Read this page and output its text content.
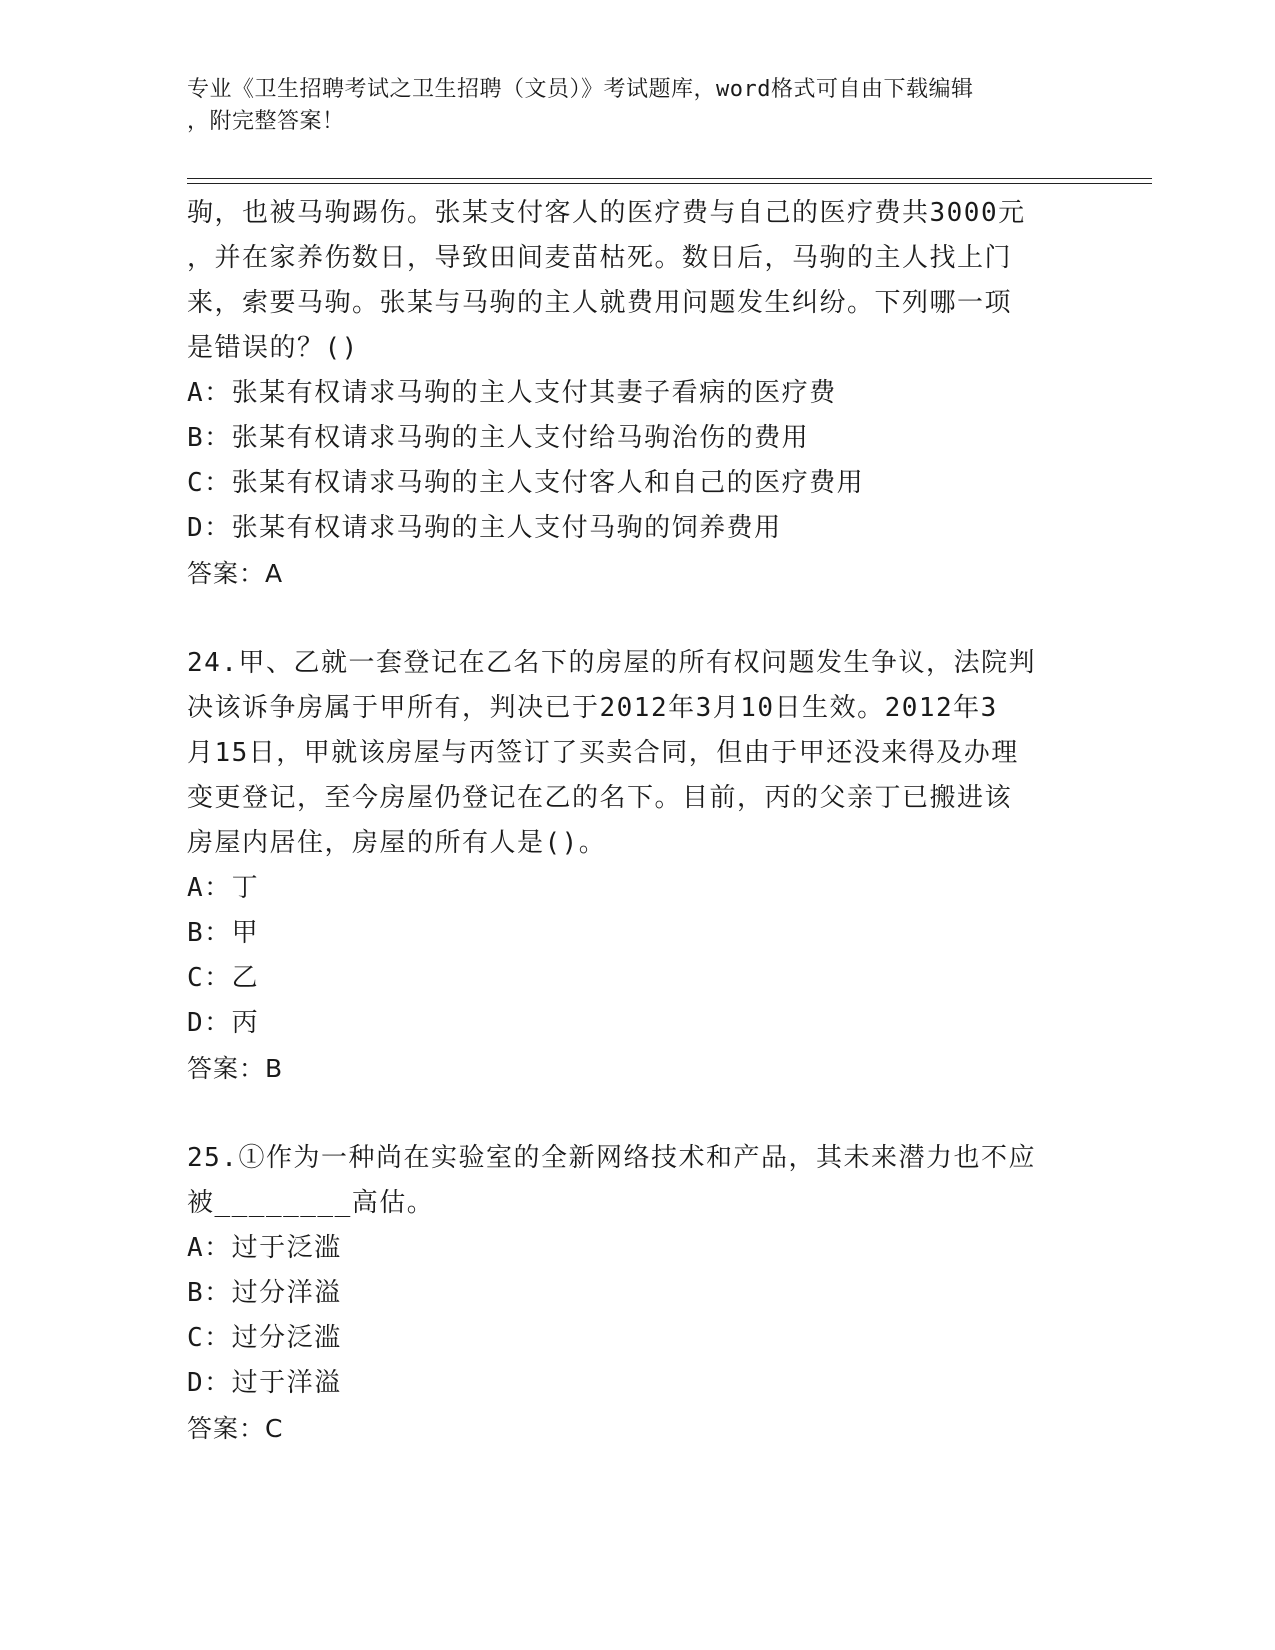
专业《卫生招聘考试之卫生招聘（文员）》考试题库，word格式可自由下载编辑

，附完整答案！

驹，也被马驹踢伤。张某支付客人的医疗费与自己的医疗费共3000元

，并在家养伤数日，导致田间麦苗枯死。数日后，马驹的主人找上门

来，索要马驹。张某与马驹的主人就费用问题发生纠纷。下列哪一项

是错误的？()

A：张某有权请求马驹的主人支付其妻子看病的医疗费

B：张某有权请求马驹的主人支付给马驹治伤的费用

C：张某有权请求马驹的主人支付客人和自己的医疗费用

D：张某有权请求马驹的主人支付马驹的饲养费用

答案：A

24.甲、乙就一套登记在乙名下的房屋的所有权问题发生争议，法院判

决该诉争房属于甲所有，判决已于2012年3月10日生效。2012年3

月15日，甲就该房屋与丙签订了买卖合同，但由于甲还没来得及办理

变更登记，至今房屋仍登记在乙的名下。目前，丙的父亲丁已搬进该

房屋内居住，房屋的所有人是()。

A：丁

B：甲

C：乙

D：丙

答案：B

25.①作为一种尚在实验室的全新网络技术和产品，其未来潜力也不应

被________高估。

A：过于泛滥

B：过分洋溢

C：过分泛滥

D：过于洋溢

答案：C
